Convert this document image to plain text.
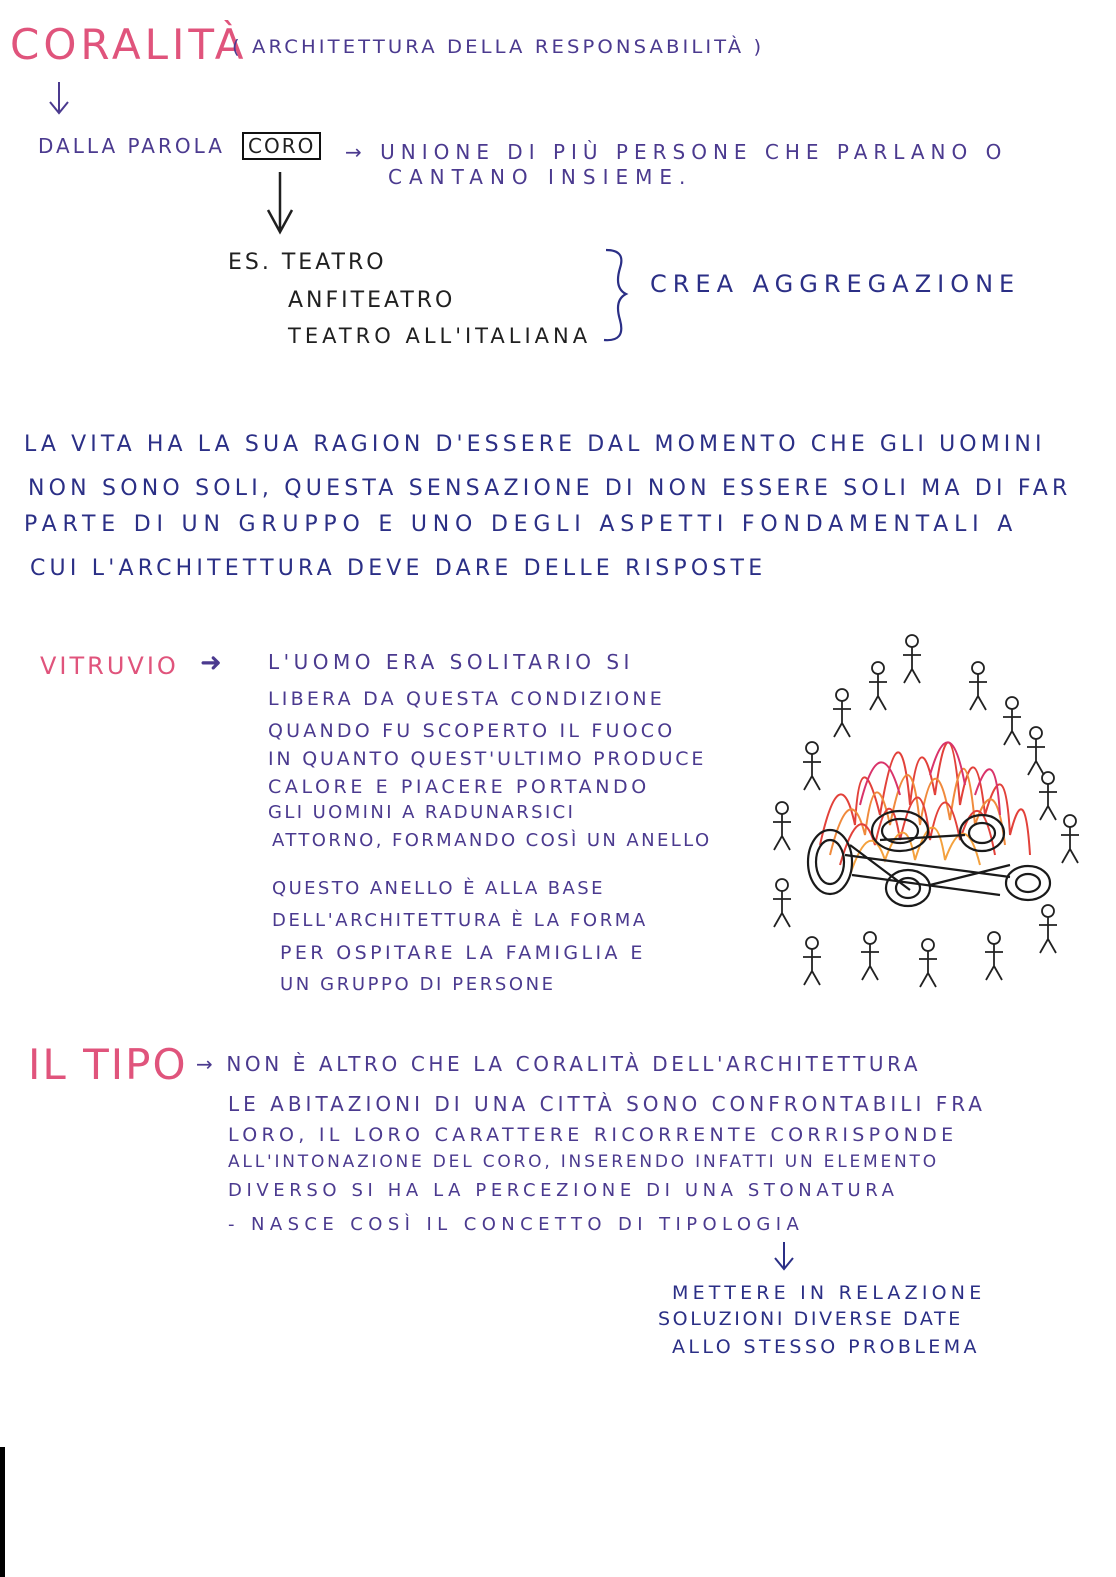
CORALITÀ
( ARCHITETTURA DELLA RESPONSABILITÀ )
DALLA PAROLA	CORO	→ UNIONE DI PIÙ PERSONE CHE PARLANO O
CANTANO INSIEME.
ES. TEATRO
ANFITEATRO
TEATRO ALL'ITALIANA
CREA AGGREGAZIONE
LA VITA HA LA SUA RAGION D'ESSERE DAL MOMENTO CHE GLI UOMINI
NON SONO SOLI, QUESTA SENSAZIONE DI NON ESSERE SOLI MA DI FAR
PARTE DI UN GRUPPO E UNO DEGLI ASPETTI FONDAMENTALI A
CUI L'ARCHITETTURA DEVE DARE DELLE RISPOSTE
VITRUVIO ➜ L'UOMO ERA SOLITARIO SI
LIBERA DA QUESTA CONDIZIONE
QUANDO FU SCOPERTO IL FUOCO
IN QUANTO QUEST'ULTIMO PRODUCE
CALORE E PIACERE PORTANDO
GLI UOMINI A RADUNARSICI
ATTORNO, FORMANDO COSÌ UN ANELLO
QUESTO ANELLO È ALLA BASE
DELL'ARCHITETTURA È LA FORMA
PER OSPITARE LA FAMIGLIA E
UN GRUPPO DI PERSONE
IL TIPO → NON È ALTRO CHE LA CORALITÀ DELL'ARCHITETTURA
LE ABITAZIONI DI UNA CITTÀ SONO CONFRONTABILI FRA
LORO, IL LORO CARATTERE RICORRENTE CORRISPONDE
ALL'INTONAZIONE DEL CORO, INSERENDO INFATTI UN ELEMENTO
DIVERSO SI HA LA PERCEZIONE DI UNA STONATURA
- NASCE COSÌ IL CONCETTO DI TIPOLOGIA
METTERE IN RELAZIONE
SOLUZIONI DIVERSE DATE
ALLO STESSO PROBLEMA
